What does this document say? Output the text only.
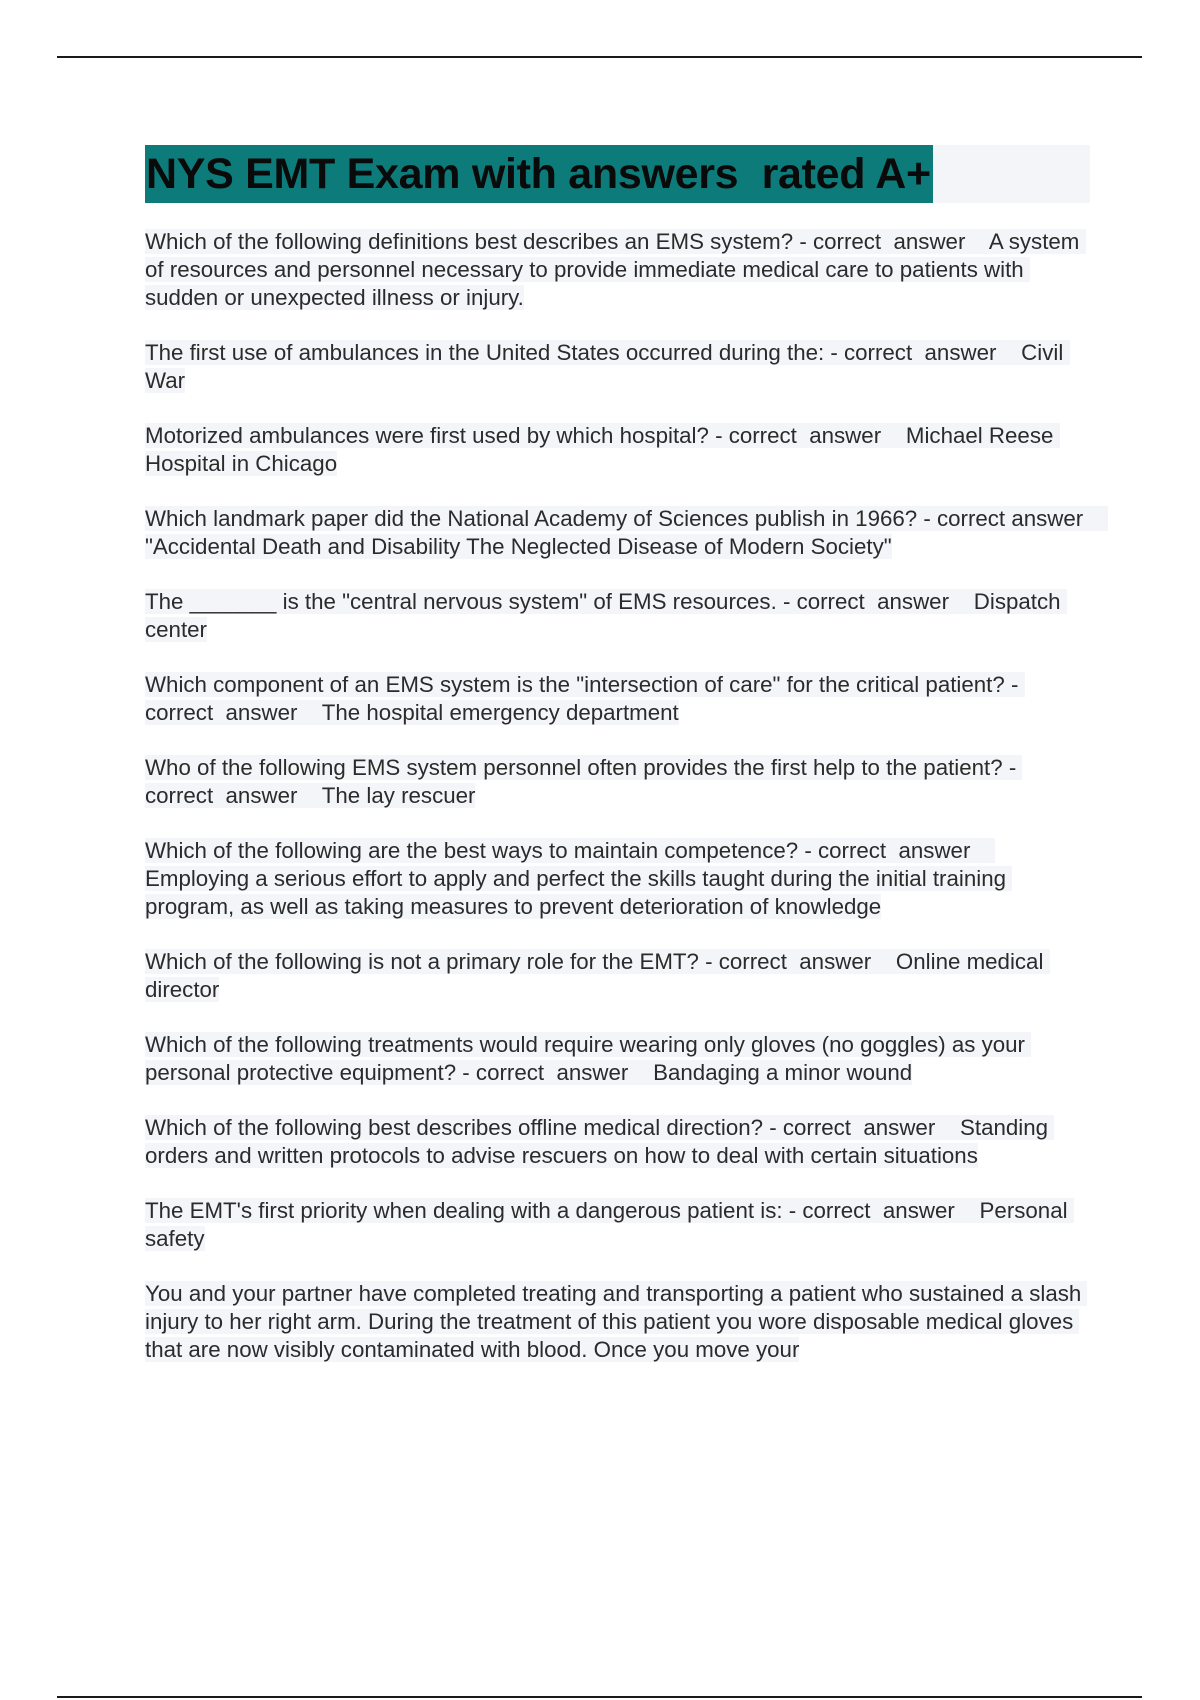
NYS EMT Exam with answers  rated A+

Which of the following definitions best describes an EMS system? - correct  answer    A system of resources and personnel necessary to provide immediate medical care to patients with sudden or unexpected illness or injury.

The first use of ambulances in the United States occurred during the: - correct  answer    Civil War

Motorized ambulances were first used by which hospital? - correct  answer    Michael Reese Hospital in Chicago

Which landmark paper did the National Academy of Sciences publish in 1966? - correct answer    "Accidental Death and Disability The Neglected Disease of Modern Society"

The _______ is the "central nervous system" of EMS resources. - correct  answer    Dispatch center

Which component of an EMS system is the "intersection of care" for the critical patient? - correct  answer    The hospital emergency department

Who of the following EMS system personnel often provides the first help to the patient? - correct  answer    The lay rescuer

Which of the following are the best ways to maintain competence? - correct  answer    Employing a serious effort to apply and perfect the skills taught during the initial training program, as well as taking measures to prevent deterioration of knowledge

Which of the following is not a primary role for the EMT? - correct  answer    Online medical director

Which of the following treatments would require wearing only gloves (no goggles) as your personal protective equipment? - correct  answer    Bandaging a minor wound

Which of the following best describes offline medical direction? - correct  answer    Standing orders and written protocols to advise rescuers on how to deal with certain situations

The EMT's first priority when dealing with a dangerous patient is: - correct  answer    Personal safety

You and your partner have completed treating and transporting a patient who sustained a slash injury to her right arm. During the treatment of this patient you wore disposable medical gloves that are now visibly contaminated with blood. Once you move your
